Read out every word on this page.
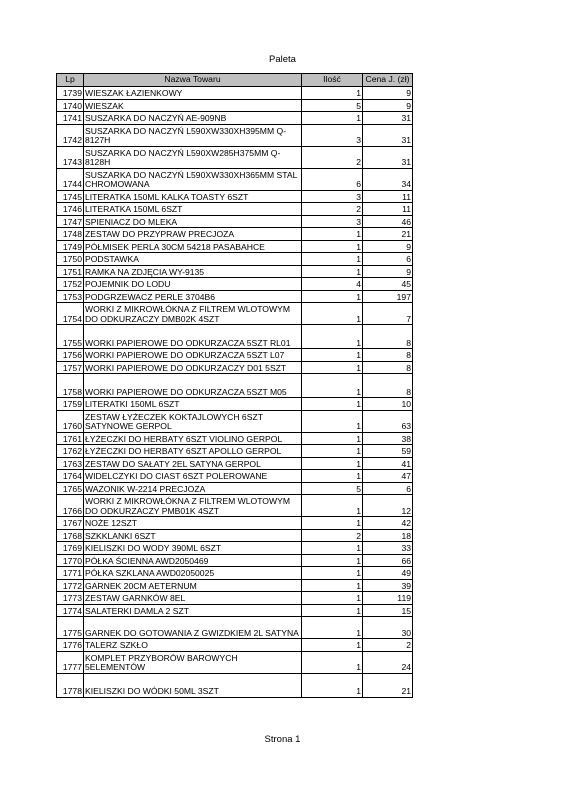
Paleta
Lp	Nazwa Towaru	Ilość	Cena J. (zł)
1739	WIESZAK ŁAZIENKOWY	1	9
1740	WIESZAK	5	9
1741	SUSZARKA DO NACZYŃ AE-909NB	1	31
1742	SUSZARKA DO NACZYŃ L590XW330XH395MM Q-8127H	3	31
1743	SUSZARKA DO NACZYŃ L590XW285H375MM Q-8128H	2	31
1744	SUSZARKA DO NACZYŃ L590XW330XH365MM STAL CHROMOWANA	6	34
1745	LITERATKA 150ML KALKA TOASTY 6SZT	3	11
1746	LITERATKA 150ML 6SZT	2	11
1747	SPIENIACZ DO MLEKA	3	46
1748	ZESTAW DO PRZYPRAW PRECJOZA	1	21
1749	PÓŁMISEK PERLA 30CM 54218 PASABAHCE	1	9
1750	PODSTAWKA	1	6
1751	RAMKA NA ZDJĘCIA WY-9135	1	9
1752	POJEMNIK DO LODU	4	45
1753	PODGRZEWACZ PERLE 3704B6	1	197
1754	WORKI Z MIKROWŁÓKNA Z FILTREM WLOTOWYM DO ODKURZACZY DMB02K 4SZT	1	7
1755	WORKI PAPIEROWE DO ODKURZACZA 5SZT RL01	1	8
1756	WORKI PAPIEROWE DO ODKURZACZA 5SZT L07	1	8
1757	WORKI PAPIEROWE DO ODKURZACZY D01 5SZT	1	8
1758	WORKI PAPIEROWE DO ODKURZACZA 5SZT M05	1	8
1759	LITERATKI 150ML 6SZT	1	10
1760	ZESTAW ŁYŻECZEK KOKTAJLOWYCH 6SZT SATYNOWE GERPOL	1	63
1761	ŁYŻECZKI DO HERBATY 6SZT VIOLINO GERPOL	1	38
1762	ŁYŻECZKI DO HERBATY 6SZT APOLLO GERPOL	1	59
1763	ZESTAW DO SAŁATY 2EL SATYNA GERPOL	1	41
1764	WIDELCZYKI DO CIAST 6SZT POLEROWANE	1	47
1765	WAZONIK W-2214 PRECJOZA	5	6
1766	WORKI Z MIKROWŁÓKNA Z FILTREM WLOTOWYM DO ODKURZACZY PMB01K 4SZT	1	12
1767	NOŻE 12SZT	1	42
1768	SZKKLANKI 6SZT	2	18
1769	KIELISZKI DO WODY 390ML 6SZT	1	33
1770	PÓŁKA ŚCIENNA AWD2050469	1	66
1771	PÓŁKA SZKLANA AWD02050025	1	49
1772	GARNEK 20CM AETERNUM	1	39
1773	ZESTAW GARNKÓW 8EL	1	119
1774	SALATERKI DAMLA 2 SZT	1	15
1775	GARNEK DO GOTOWANIA Z GWIZDKIEM 2L SATYNA	1	30
1776	TALERZ SZKŁO	1	2
1777	KOMPLET PRZYBORÓW BAROWYCH 5ELEMENTÓW	1	24
1778	KIELISZKI DO WÓDKI 50ML 3SZT	1	21
Strona 1
